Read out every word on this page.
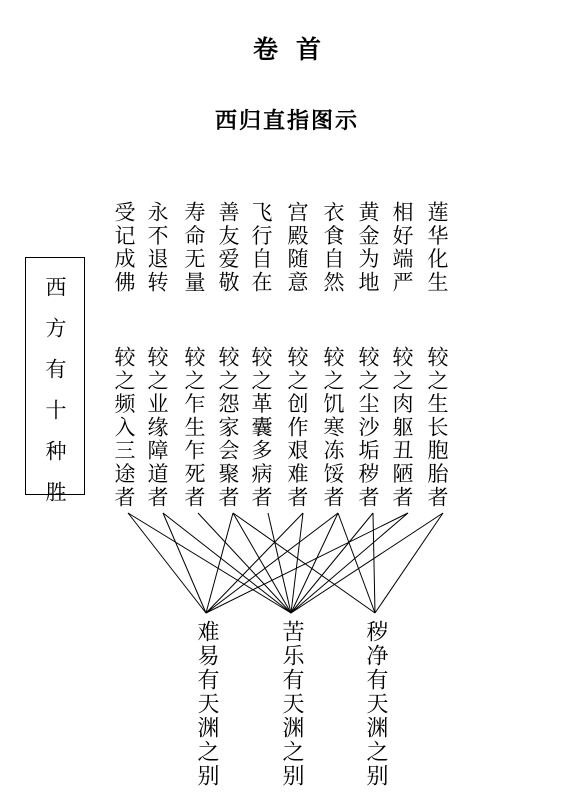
卷首
西归直指图示
西方有十种胜
莲华化生
相好端严
黄金为地
衣食自然
宫殿随意
飞行自在
善友爱敬
寿命无量
永不退转
受记成佛
较之生长胞胎者
较之肉躯丑陋者
较之尘沙垢秽者
较之饥寒冻馁者
较之创作艰难者
较之革囊多病者
较之怨家会聚者
较之乍生乍死者
较之业缘障道者
较之频入三途者
秽净有天渊之别
苦乐有天渊之别
难易有天渊之别
